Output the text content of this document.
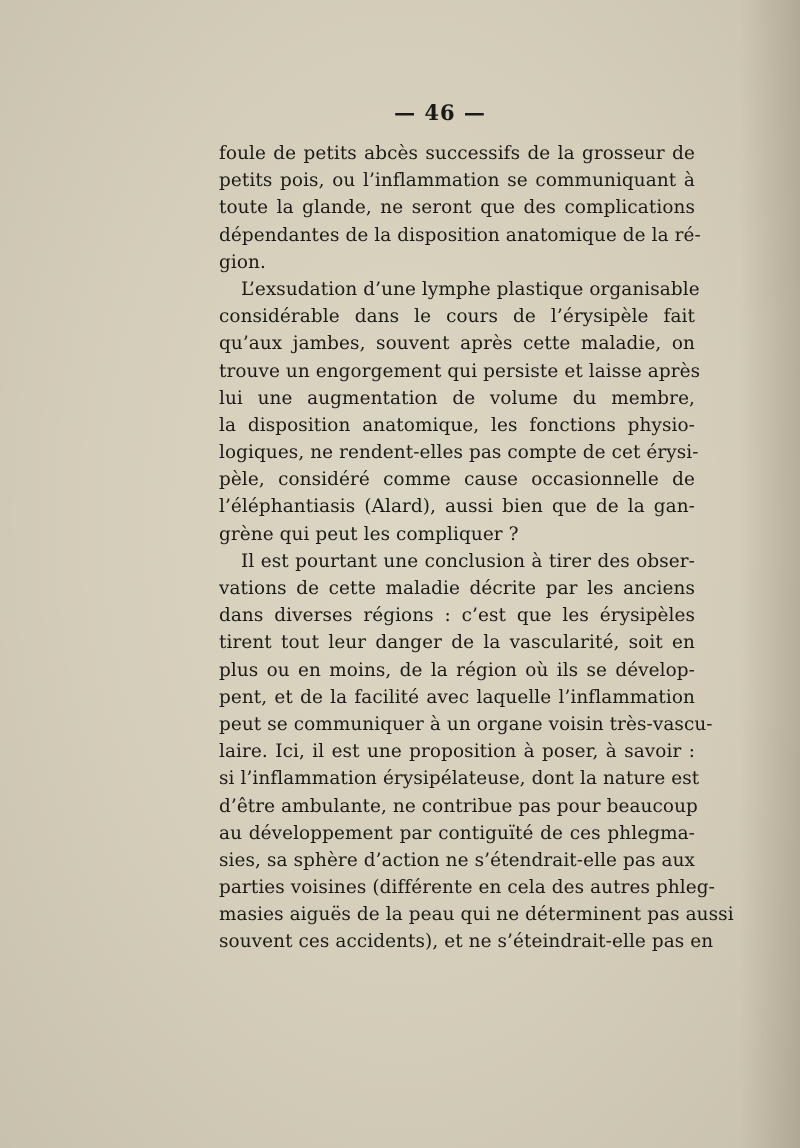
— 46 —
foule de petits abcès successifs de la grosseur de
petits pois, ou l’inflammation se communiquant à
toute la glande, ne seront que des complications
dépendantes de la disposition anatomique de la ré-
gion.
L’exsudation d’une lymphe plastique organisable
considérable dans le cours de l’érysipèle fait
qu’aux jambes, souvent après cette maladie, on
trouve un engorgement qui persiste et laisse après
lui une augmentation de volume du membre,
la disposition anatomique, les fonctions physio-
logiques, ne rendent-elles pas compte de cet érysi-
pèle, considéré comme cause occasionnelle de
l’éléphantiasis (Alard), aussi bien que de la gan-
grène qui peut les compliquer ?
Il est pourtant une conclusion à tirer des obser-
vations de cette maladie décrite par les anciens
dans diverses régions : c’est que les érysipèles
tirent tout leur danger de la vascularité, soit en
plus ou en moins, de la région où ils se dévelop-
pent, et de la facilité avec laquelle l’inflammation
peut se communiquer à un organe voisin très-vascu-
laire. Ici, il est une proposition à poser, à savoir :
si l’inflammation érysipélateuse, dont la nature est
d’être ambulante, ne contribue pas pour beaucoup
au développement par contiguïté de ces phlegma-
sies, sa sphère d’action ne s’étendrait-elle pas aux
parties voisines (différente en cela des autres phleg-
masies aiguës de la peau qui ne déterminent pas aussi
souvent ces accidents), et ne s’éteindrait-elle pas en
